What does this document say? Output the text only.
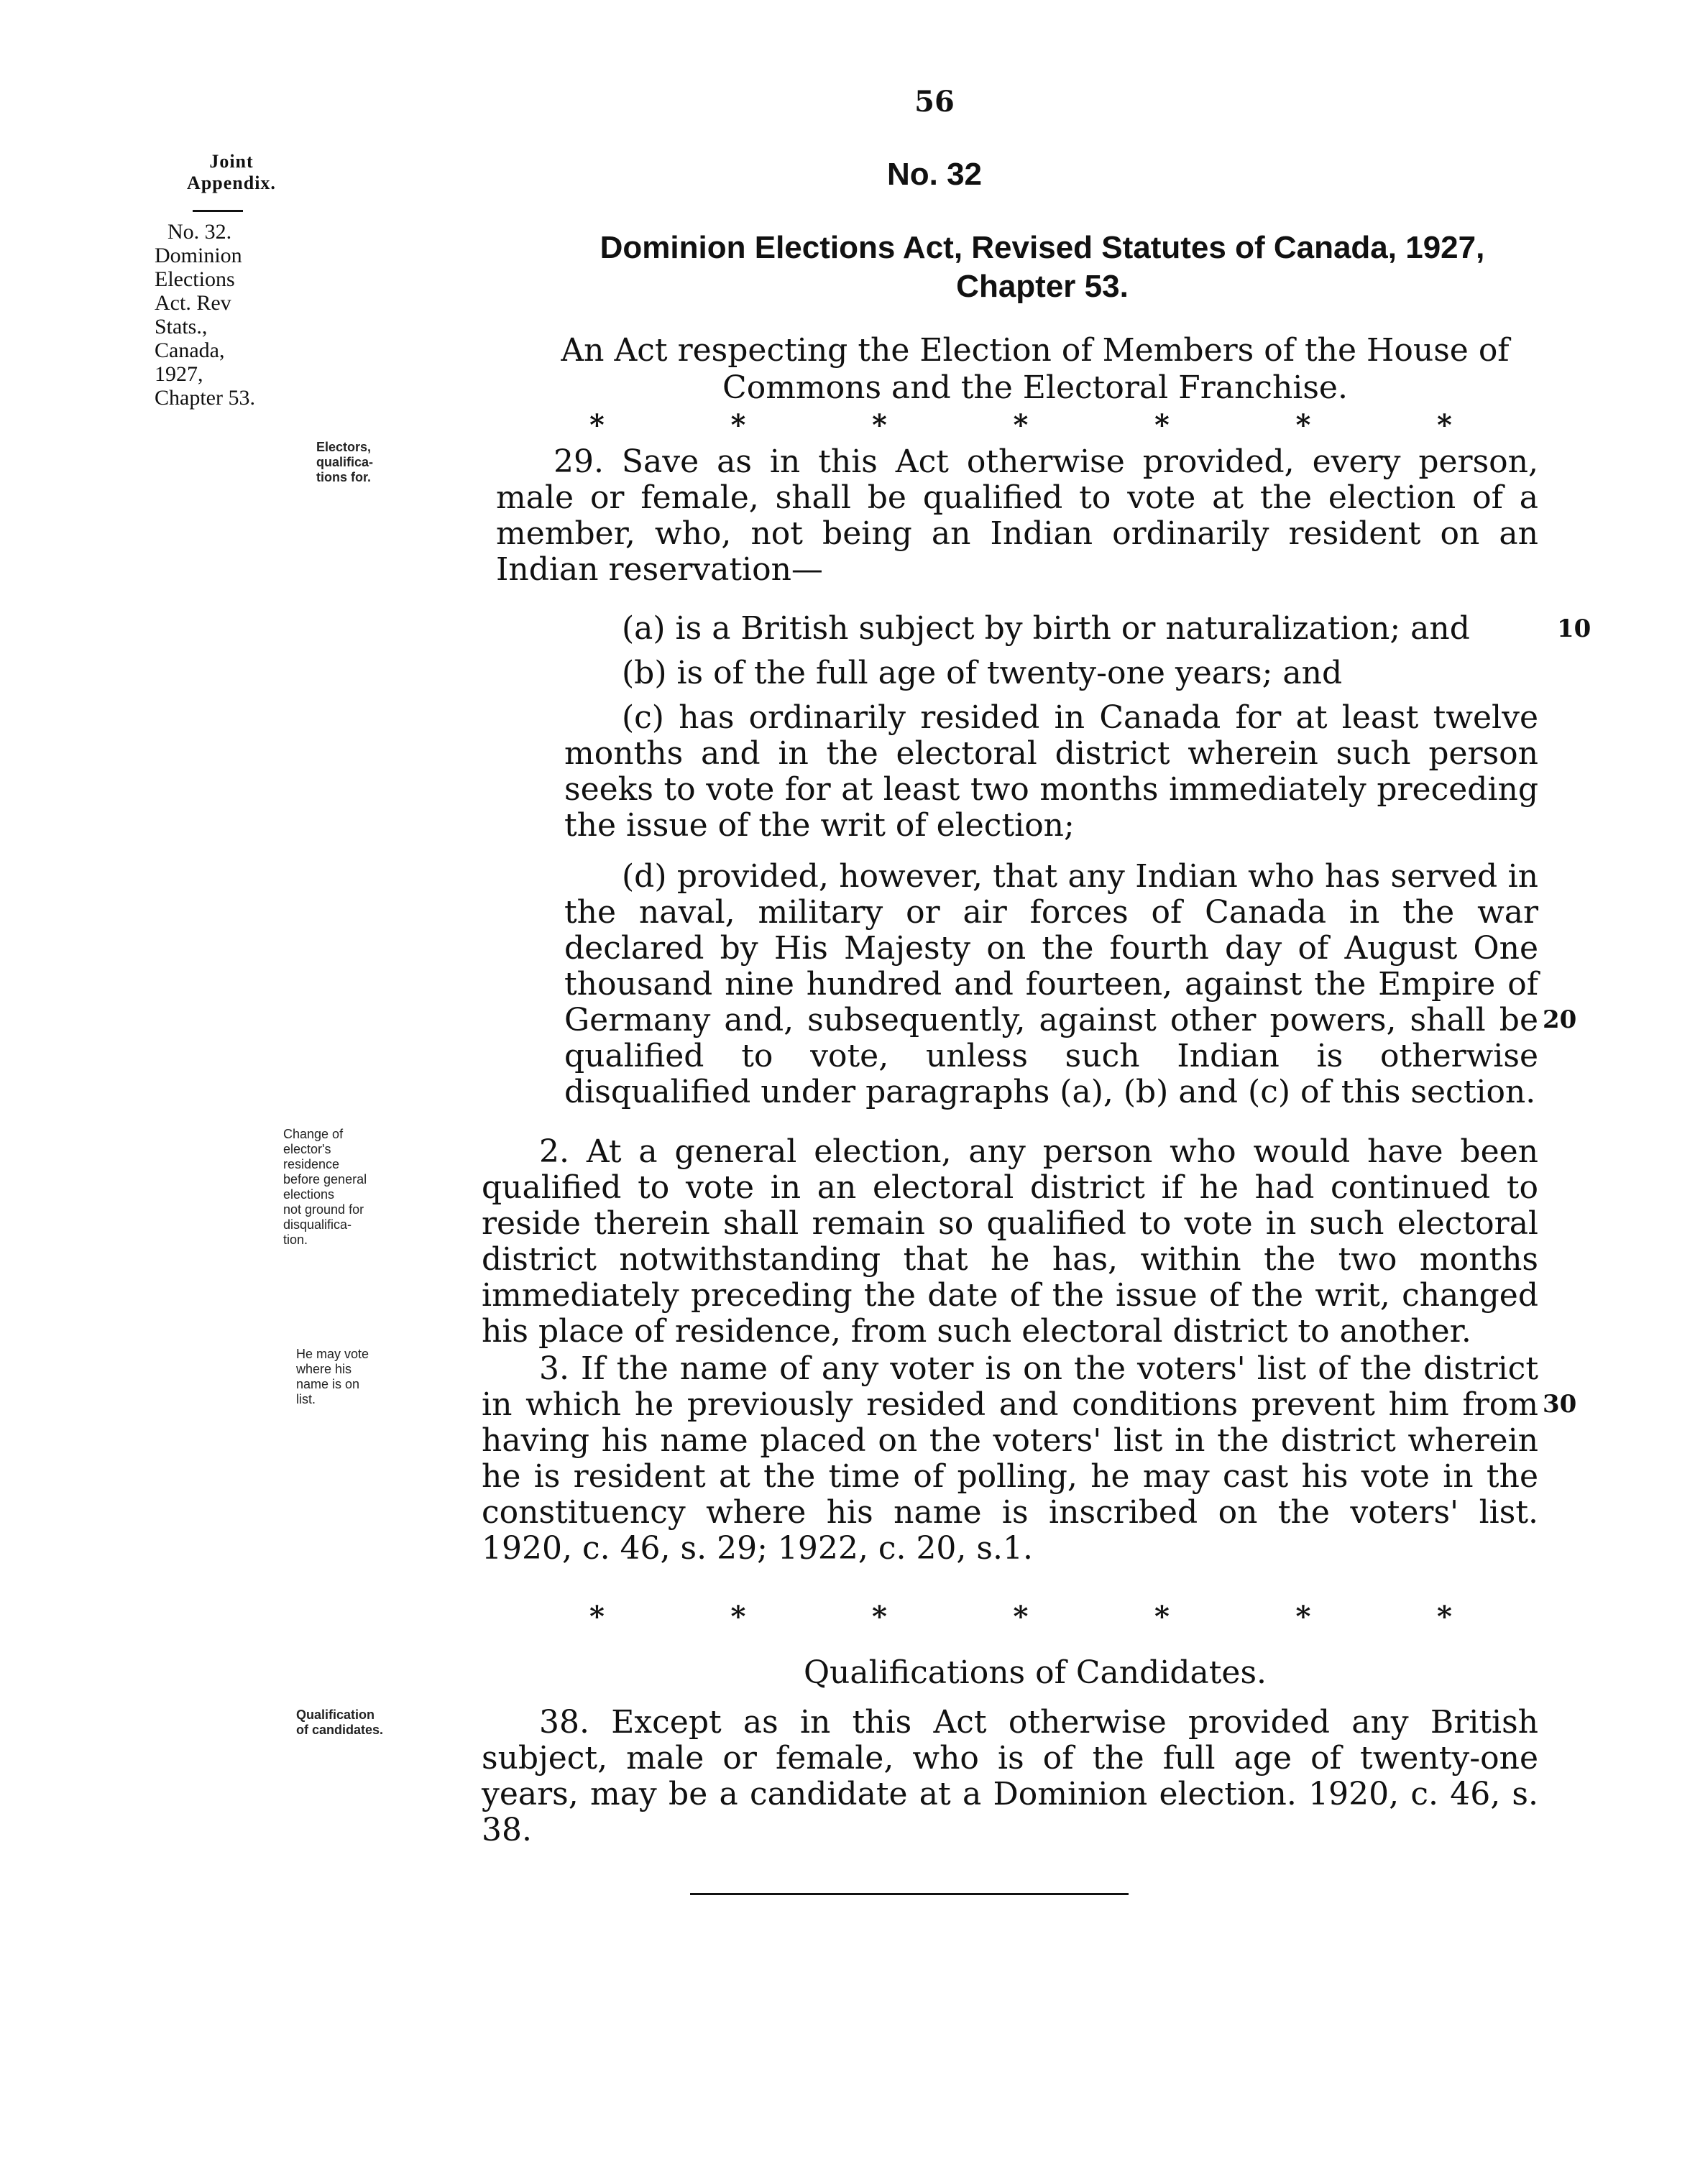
56
No. 32
Dominion Elections Act, Revised Statutes of Canada, 1927,
Chapter 53.
An Act respecting the Election of Members of the House of
Commons and the Electoral Franchise.
*	*	*	*	*	*	*
Joint
Appendix.
No. 32.
Dominion
Elections
Act. Rev
Stats.,
Canada,
1927,
Chapter 53.
Electors,
qualifica-
tions for.
Change of
elector's
residence
before general
elections
not ground for
disqualifica-
tion.
He may vote
where his
name is on
list.
Qualification
of candidates.

29. Save as in this Act otherwise provided, every person, male or female, shall be qualified to vote at the election of a member, who, not being an Indian ordinarily resident on an Indian reservation—

(a) is a British subject by birth or naturalization; and

(b) is of the full age of twenty-one years; and

(c) has ordinarily resided in Canada for at least twelve months and in the electoral district wherein such person seeks to vote for at least two months immediately preceding the issue of the writ of election;

(d) provided, however, that any Indian who has served in the naval, military or air forces of Canada in the war declared by His Majesty on the fourth day of August One thousand nine hundred and fourteen, against the Empire of Germany and, subsequently, against other powers, shall be qualified to vote, unless such Indian is otherwise disqualified under paragraphs (a), (b) and (c) of this section.

2. At a general election, any person who would have been qualified to vote in an electoral district if he had continued to reside therein shall remain so qualified to vote in such electoral district notwithstanding that he has, within the two months immediately preceding the date of the issue of the writ, changed his place of residence, from such electoral district to another.

3. If the name of any voter is on the voters' list of the district in which he previously resided and conditions prevent him from having his name placed on the voters' list in the district wherein he is resident at the time of polling, he may cast his vote in the constituency where his name is inscribed on the voters' list. 1920, c. 46, s. 29; 1922, c. 20, s.1.

10
20
30
*	*	*	*	*	*	*
Qualifications of Candidates.

38. Except as in this Act otherwise provided any British subject, male or female, who is of the full age of twenty-one years, may be a candidate at a Dominion election. 1920, c. 46, s. 38.
